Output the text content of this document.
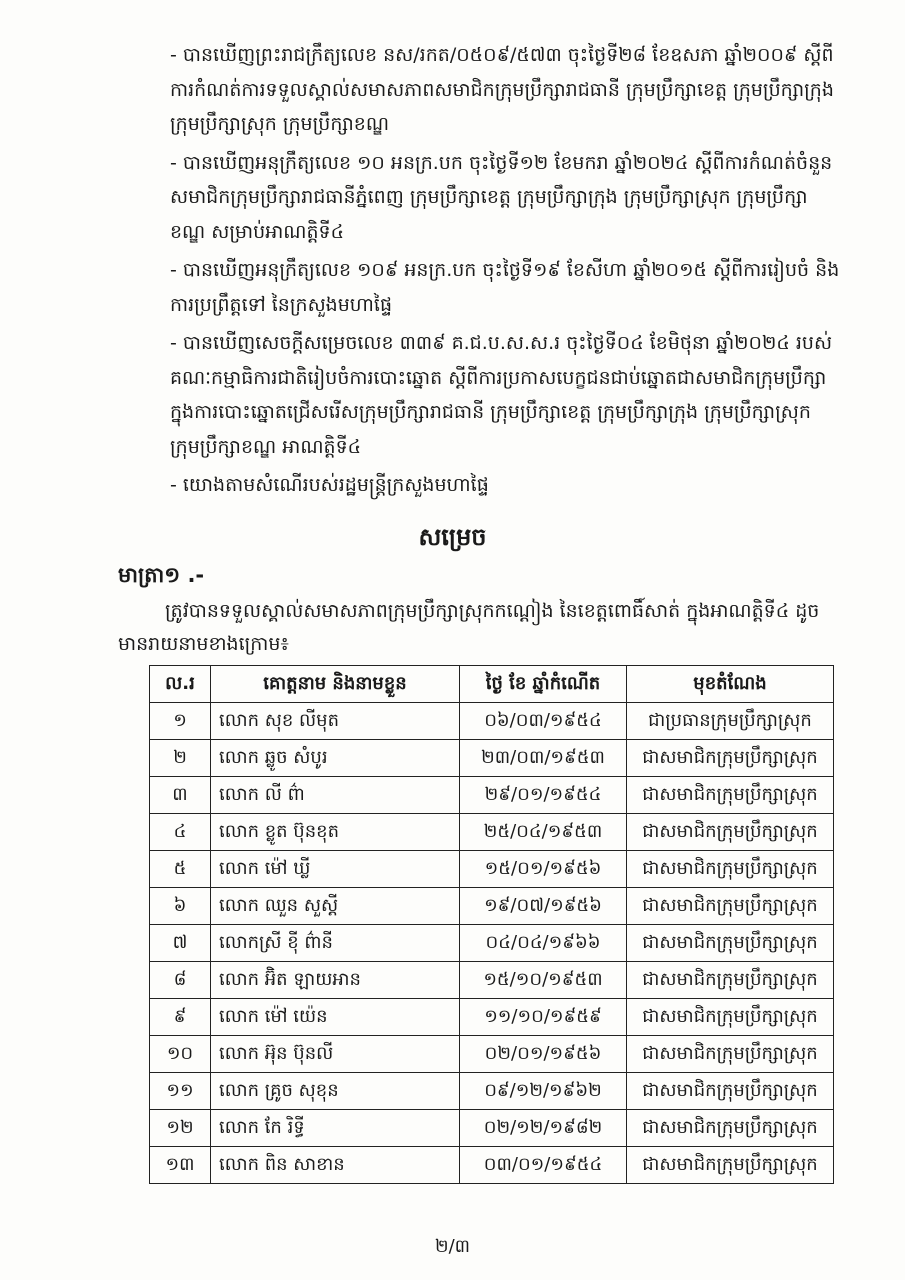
- បានឃើញព្រះរាជក្រឹត្យលេខ នស/រកត/០៥០៩/៥៧៣ ចុះថ្ងៃទី២៨ ខែឧសភា ឆ្នាំ២០០៩ ស្តីពីការកំណត់ការទទួលស្គាល់សមាសភាពសមាជិកក្រុមប្រឹក្សារាជធានី ក្រុមប្រឹក្សាខេត្ត ក្រុមប្រឹក្សាក្រុង ក្រុមប្រឹក្សាស្រុក ក្រុមប្រឹក្សាខណ្ឌ

- បានឃើញអនុក្រឹត្យលេខ ១០ អនក្រ.បក ចុះថ្ងៃទី១២ ខែមករា ឆ្នាំ២០២៤ ស្តីពីការកំណត់ចំនួនសមាជិកក្រុមប្រឹក្សារាជធានីភ្នំពេញ ក្រុមប្រឹក្សាខេត្ត ក្រុមប្រឹក្សាក្រុង ក្រុមប្រឹក្សាស្រុក ក្រុមប្រឹក្សាខណ្ឌ សម្រាប់អាណត្តិទី៤

- បានឃើញអនុក្រឹត្យលេខ ១០៩ អនក្រ.បក ចុះថ្ងៃទី១៩ ខែសីហា ឆ្នាំ២០១៥ ស្តីពីការរៀបចំ និងការប្រព្រឹត្តទៅ នៃក្រសួងមហាផ្ទៃ

- បានឃើញសេចក្តីសម្រេចលេខ ៣៣៩ គ.ជ.ប.ស.ស.រ ចុះថ្ងៃទី០៤ ខែមិថុនា ឆ្នាំ២០២៤ របស់គណៈកម្មាធិការជាតិរៀបចំការបោះឆ្នោត ស្តីពីការប្រកាសបេក្ខជនជាប់ឆ្នោតជាសមាជិកក្រុមប្រឹក្សា ក្នុងការបោះឆ្នោតជ្រើសរើសក្រុមប្រឹក្សារាជធានី ក្រុមប្រឹក្សាខេត្ត ក្រុមប្រឹក្សាក្រុង ក្រុមប្រឹក្សាស្រុក ក្រុមប្រឹក្សាខណ្ឌ អាណត្តិទី៤

- យោងតាមសំណើរបស់រដ្ឋមន្ត្រីក្រសួងមហាផ្ទៃ

សម្រេច
មាត្រា១ .-
ត្រូវបានទទួលស្គាល់សមាសភាពក្រុមប្រឹក្សាស្រុកកណ្តៀង នៃខេត្តពោធិ៍សាត់ ក្នុងអាណត្តិទី៤ ដូចមានរាយនាមខាងក្រោម៖
ល.រ	គោត្តនាម និងនាមខ្លួន	ថ្ងៃ ខែ ឆ្នាំកំណើត	មុខតំណែង
១	លោក សុខ លីមុត	០៦/០៣/១៩៥៤	ជាប្រធានក្រុមប្រឹក្សាស្រុក
២	លោក ឆ្លូច សំបូរ	២៣/០៣/១៩៥៣	ជាសមាជិកក្រុមប្រឹក្សាស្រុក
៣	លោក លី ព៌ា	២៩/០១/១៩៥៤	ជាសមាជិកក្រុមប្រឹក្សាស្រុក
៤	លោក ខ្លូត ប៊ុនខុត	២៥/០៤/១៩៥៣	ជាសមាជិកក្រុមប្រឹក្សាស្រុក
៥	លោក ម៉ៅ ឃ្លី	១៥/០១/១៩៥៦	ជាសមាជិកក្រុមប្រឹក្សាស្រុក
៦	លោក ឈួន សួស្តី	១៩/០៧/១៩៥៦	ជាសមាជិកក្រុមប្រឹក្សាស្រុក
៧	លោកស្រី ខុី ព៌ានី	០៤/០៤/១៩៦៦	ជាសមាជិកក្រុមប្រឹក្សាស្រុក
៨	លោក អ៊ិត ឡាយអាន	១៥/១០/១៩៥៣	ជាសមាជិកក្រុមប្រឹក្សាស្រុក
៩	លោក ម៉ៅ យ៉េន	១១/១០/១៩៥៩	ជាសមាជិកក្រុមប្រឹក្សាស្រុក
១០	លោក អ៊ុន ប៊ុនលី	០២/០១/១៩៥៦	ជាសមាជិកក្រុមប្រឹក្សាស្រុក
១១	លោក គ្រូច សុខុន	០៩/១២/១៩៦២	ជាសមាជិកក្រុមប្រឹក្សាស្រុក
១២	លោក កែ រិទ្ធី	០២/១២/១៩៨២	ជាសមាជិកក្រុមប្រឹក្សាស្រុក
១៣	លោក ពិន សាខាន	០៣/០១/១៩៥៤	ជាសមាជិកក្រុមប្រឹក្សាស្រុក
២/៣
